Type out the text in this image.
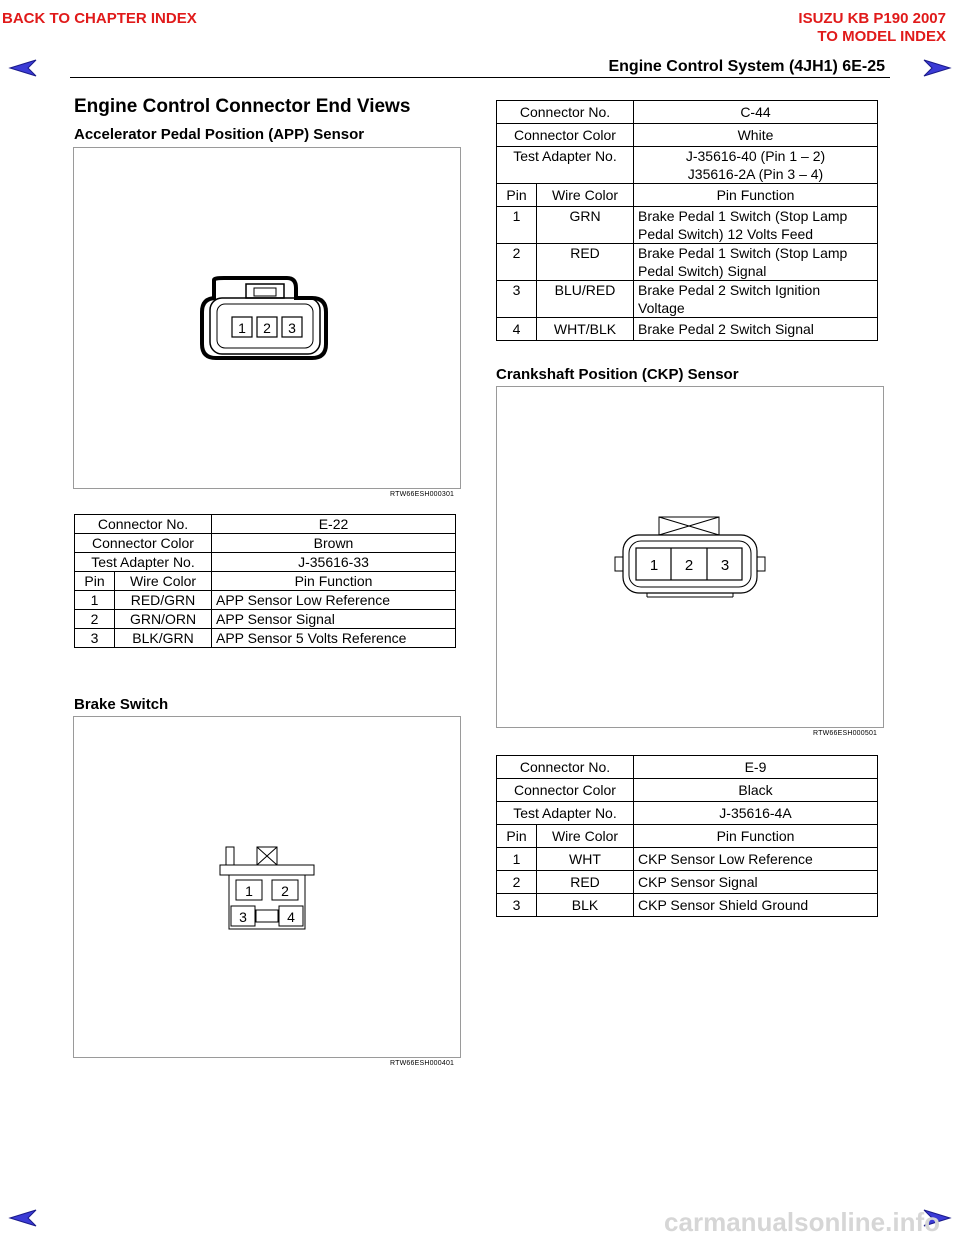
BACK TO CHAPTER INDEX	ISUZU KB P190 2007
TO MODEL INDEX
Engine Control System (4JH1) 6E-25
Engine Control Connector End Views
Accelerator Pedal Position (APP) Sensor
1 2 3
RTW66ESH000301
Connector No.		E-22
Connector Color		Brown
Test Adapter No.		J-35616-33
Pin	Wire Color	Pin Function
1	RED/GRN	APP Sensor Low Reference
2	GRN/ORN	APP Sensor Signal
3	BLK/GRN	APP Sensor 5 Volts Reference
Brake Switch
1 2
3	4
RTW66ESH000401
Connector No.		C-44
Connector Color		White
Test Adapter No.		J-35616-40 (Pin 1 – 2)
J35616-2A (Pin 3 – 4)

Pin	Wire Color	Pin Function
1	GRN	Brake Pedal 1 Switch (Stop Lamp
Pedal Switch) 12 Volts Feed

2	RED	Brake Pedal 1 Switch (Stop Lamp
Pedal Switch) Signal

3	BLU/RED	Brake Pedal 2 Switch Ignition
Voltage

4	WHT/BLK	Brake Pedal 2 Switch Signal
Crankshaft Position (CKP) Sensor
1 2 3
RTW66ESH000501
Connector No.		E-9
Connector Color		Black
Test Adapter No.		J-35616-4A
Pin	Wire Color	Pin Function
1	WHT	CKP Sensor Low Reference
2	RED	CKP Sensor Signal
3	BLK	CKP Sensor Shield Ground
carmanualsonline.info
